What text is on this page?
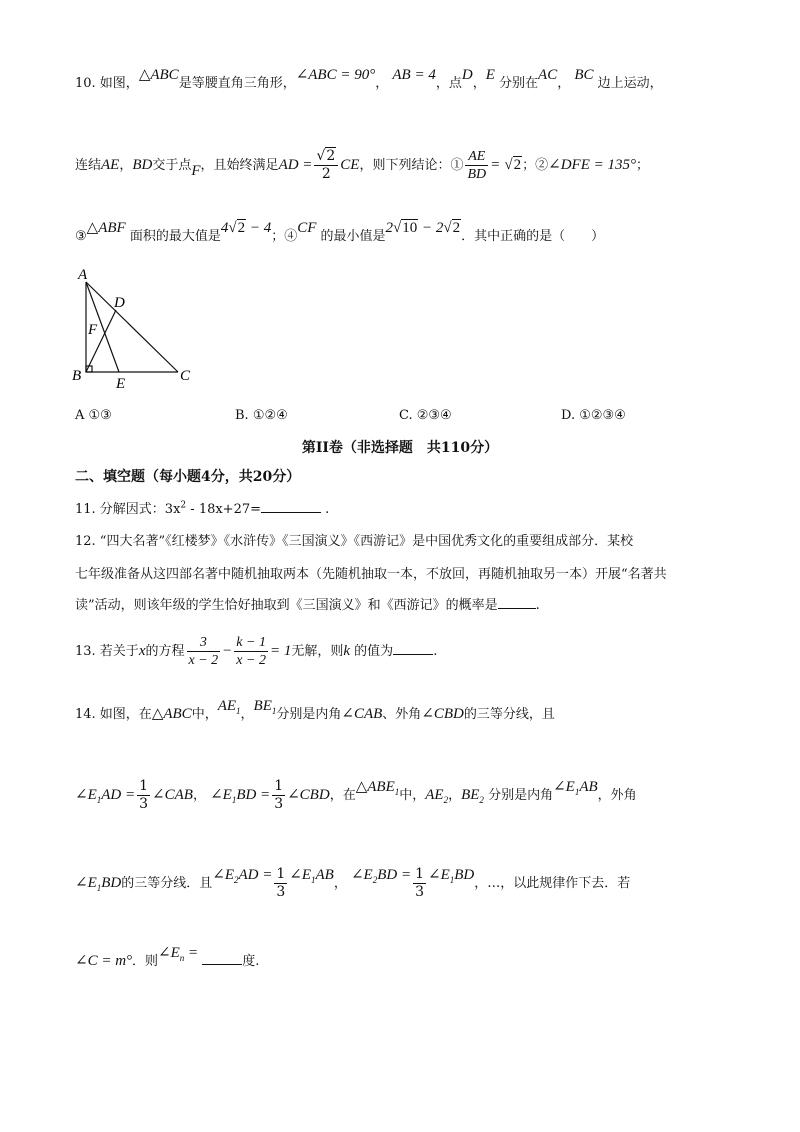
10. 如图，△ABC是等腰直角三角形，∠ABC = 90°， AB = 4，点D，E 分别在AC， BC 边上运动，
连结AE，BD交于点F，且始终满足AD = $\frac{√2}{2}$ CE，则下列结论：① $\frac{AE}{BD} = √2$；②∠DFE = 135°；
③△ABF 面积的最大值是4√2 − 4；④CF 的最小值是2√10 − 2√2．其中正确的是（　　）
A
D
F
B E	C
A ①③	B. ①②④	C. ②③④	D. ①②③④
第II卷（非选择题　共110分）
二、填空题（每小题4分，共20分）
11. 分解因式：$3x^2 - 18x+27=$	.
12. “四大名著”《红楼梦》《水浒传》《三国演义》《西游记》是中国优秀文化的重要组成部分．某校
七年级准备从这四部名著中随机抽取两本（先随机抽取一本，不放回，再随机抽取另一本）开展“名著共
读”活动，则该年级的学生恰好抽取到《三国演义》和《西游记》的概率是	.
13. 若关于x的方程 $\frac{3}{x - 2} - \frac{k - 1}{x - 2} = 1$无解，则k 的值为	.
14. 如图，在△ABC中，$AE_1$，$BE_1$分别是内角∠CAB、外角∠CBD的三等分线，且
$\angle E_1AD = \frac{1}{3}$ ∠CAB， $\angle E_1BD = \frac{1}{3}$ ∠CBD，在$\triangle ABE_1$中，$AE_2$，$BE_2$ 分别是内角$\angle E_1AB$，外角
$\angle E_1BD$的三等分线．且$\angle E_2AD = \frac{1}{3}$ $\angle E_1AB$， $\angle E_2BD = \frac{1}{3}$ $\angle E_1BD$，…，以此规律作下去．若
∠C = m°．则$\angle E_n$ = 度.
